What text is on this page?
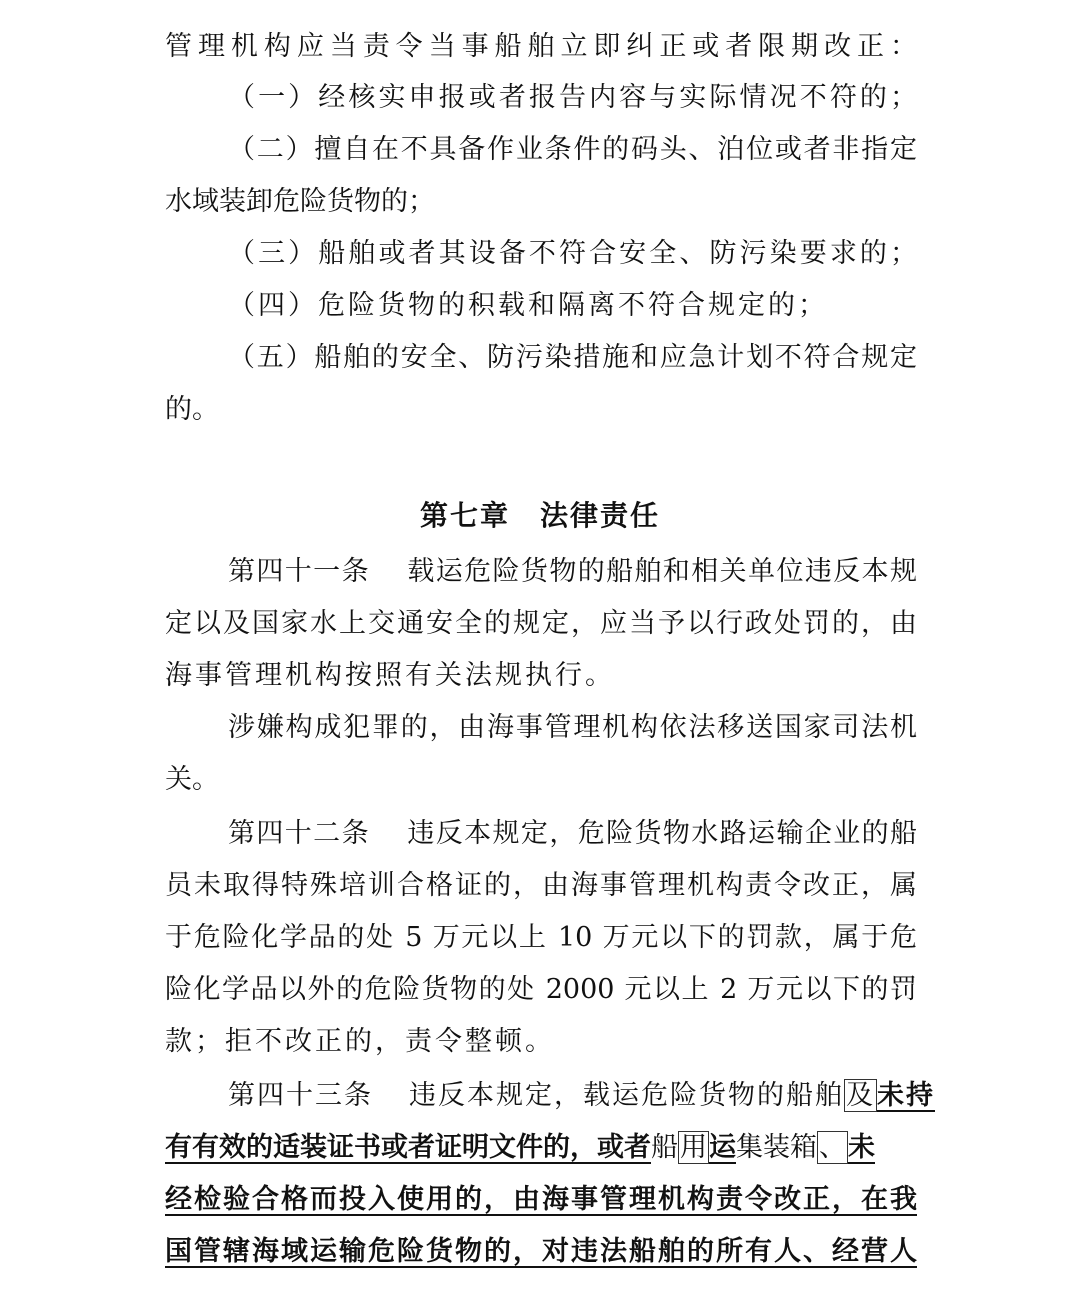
管理机构应当责令当事船舶立即纠正或者限期改正：
（一）经核实申报或者报告内容与实际情况不符的；
（二）擅自在不具备作业条件的码头、泊位或者非指定
水域装卸危险货物的；
（三）船舶或者其设备不符合安全、防污染要求的；
（四）危险货物的积载和隔离不符合规定的；
（五）船舶的安全、防污染措施和应急计划不符合规定
的。
第七章 法律责任
第四十一条 载运危险货物的船舶和相关单位违反本规
定以及国家水上交通安全的规定，应当予以行政处罚的，由
海事管理机构按照有关法规执行。
涉嫌构成犯罪的，由海事管理机构依法移送国家司法机
关。
第四十二条 违反本规定，危险货物水路运输企业的船
员未取得特殊培训合格证的，由海事管理机构责令改正，属
于危险化学品的处 5 万元以上 10 万元以下的罚款，属于危
险化学品以外的危险货物的处 2000 元以上 2 万元以下的罚
款；拒不改正的，责令整顿。
第四十三条 违反本规定，载运危险货物的船舶及未持
有有效的适装证书或者证明文件的，或者船用运集装箱、未
经检验合格而投入使用的，由海事管理机构责令改正，在我
国管辖海域运输危险货物的，对违法船舶的所有人、经营人
